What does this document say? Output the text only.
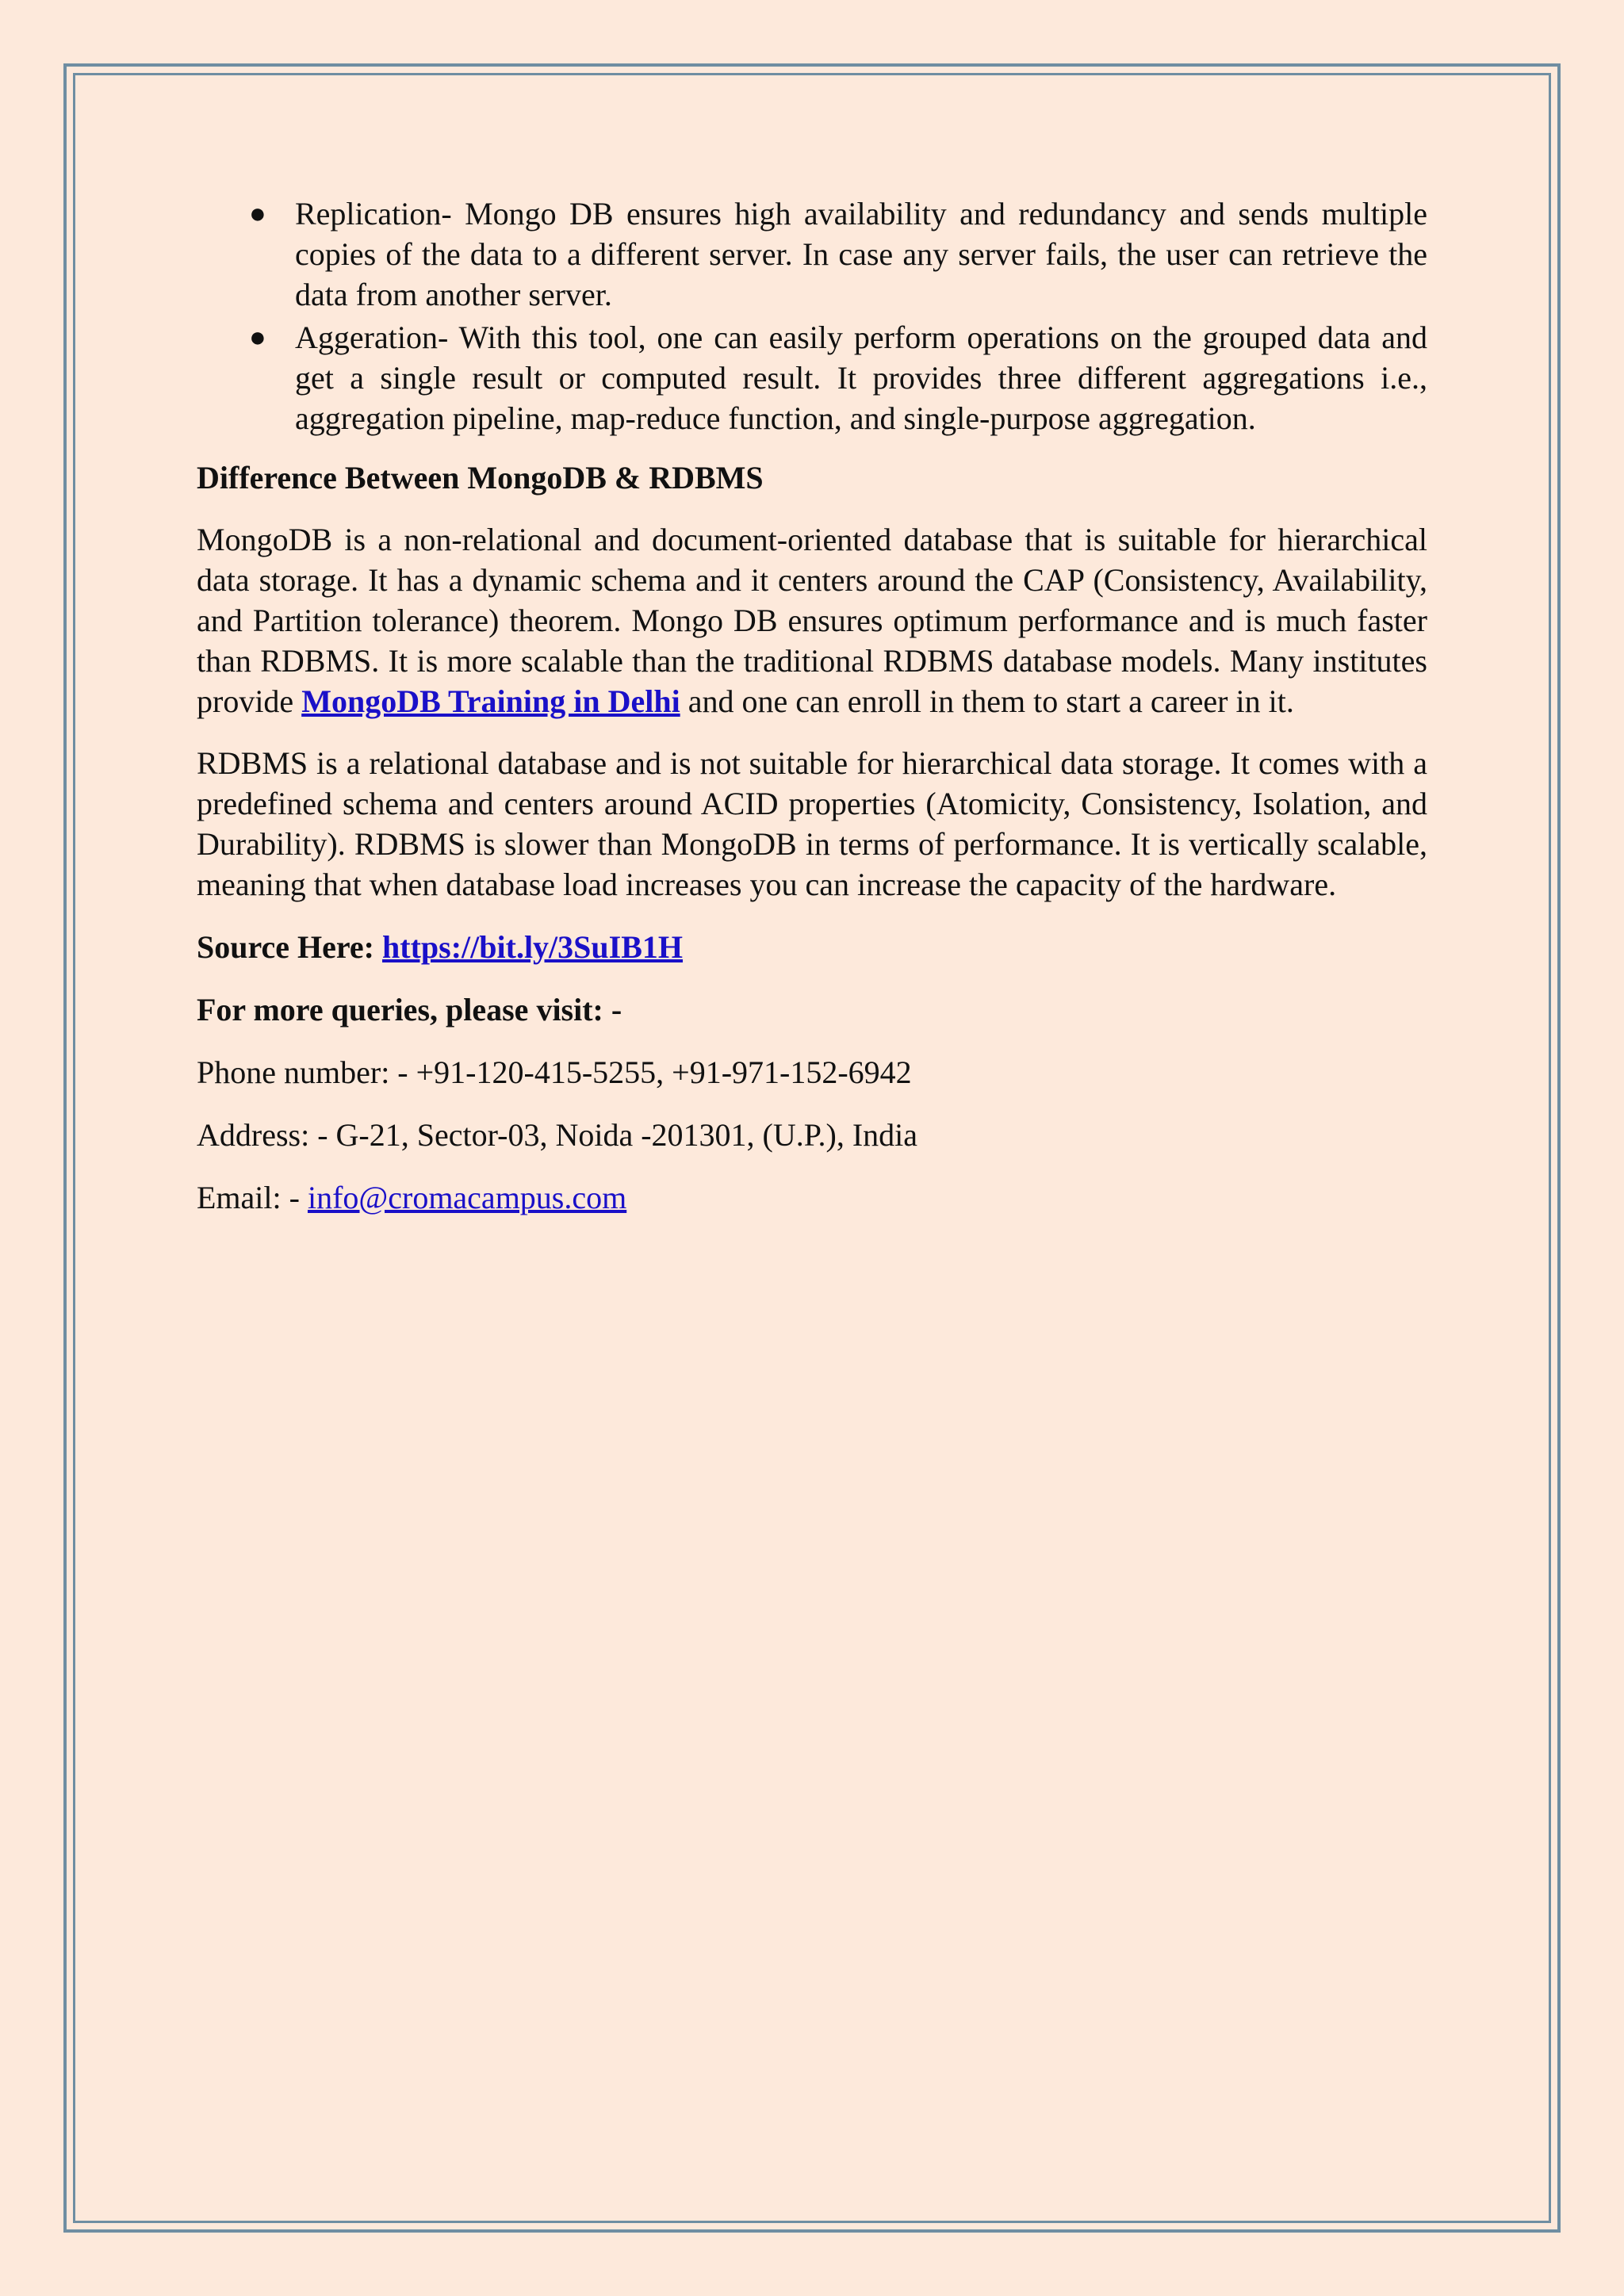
● Replication- Mongo DB ensures high availability and redundancy and sends multiple copies of the data to a different server. In case any server fails, the user can retrieve the data from another server.
● Aggeration- With this tool, one can easily perform operations on the grouped data and get a single result or computed result. It provides three different aggregations i.e., aggregation pipeline, map-reduce function, and single-purpose aggregation.
Difference Between MongoDB & RDBMS

MongoDB is a non-relational and document-oriented database that is suitable for hierarchical data storage. It has a dynamic schema and it centers around the CAP (Consistency, Availability, and Partition tolerance) theorem. Mongo DB ensures optimum performance and is much faster than RDBMS. It is more scalable than the traditional RDBMS database models. Many institutes provide MongoDB Training in Delhi and one can enroll in them to start a career in it.

RDBMS is a relational database and is not suitable for hierarchical data storage. It comes with a predefined schema and centers around ACID properties (Atomicity, Consistency, Isolation, and Durability). RDBMS is slower than MongoDB in terms of performance. It is vertically scalable, meaning that when database load increases you can increase the capacity of the hardware.

Source Here: https://bit.ly/3SuIB1H

For more queries, please visit: -

Phone number: - +91-120-415-5255, +91-971-152-6942

Address: - G-21, Sector-03, Noida -201301, (U.P.), India

Email: - info@cromacampus.com
